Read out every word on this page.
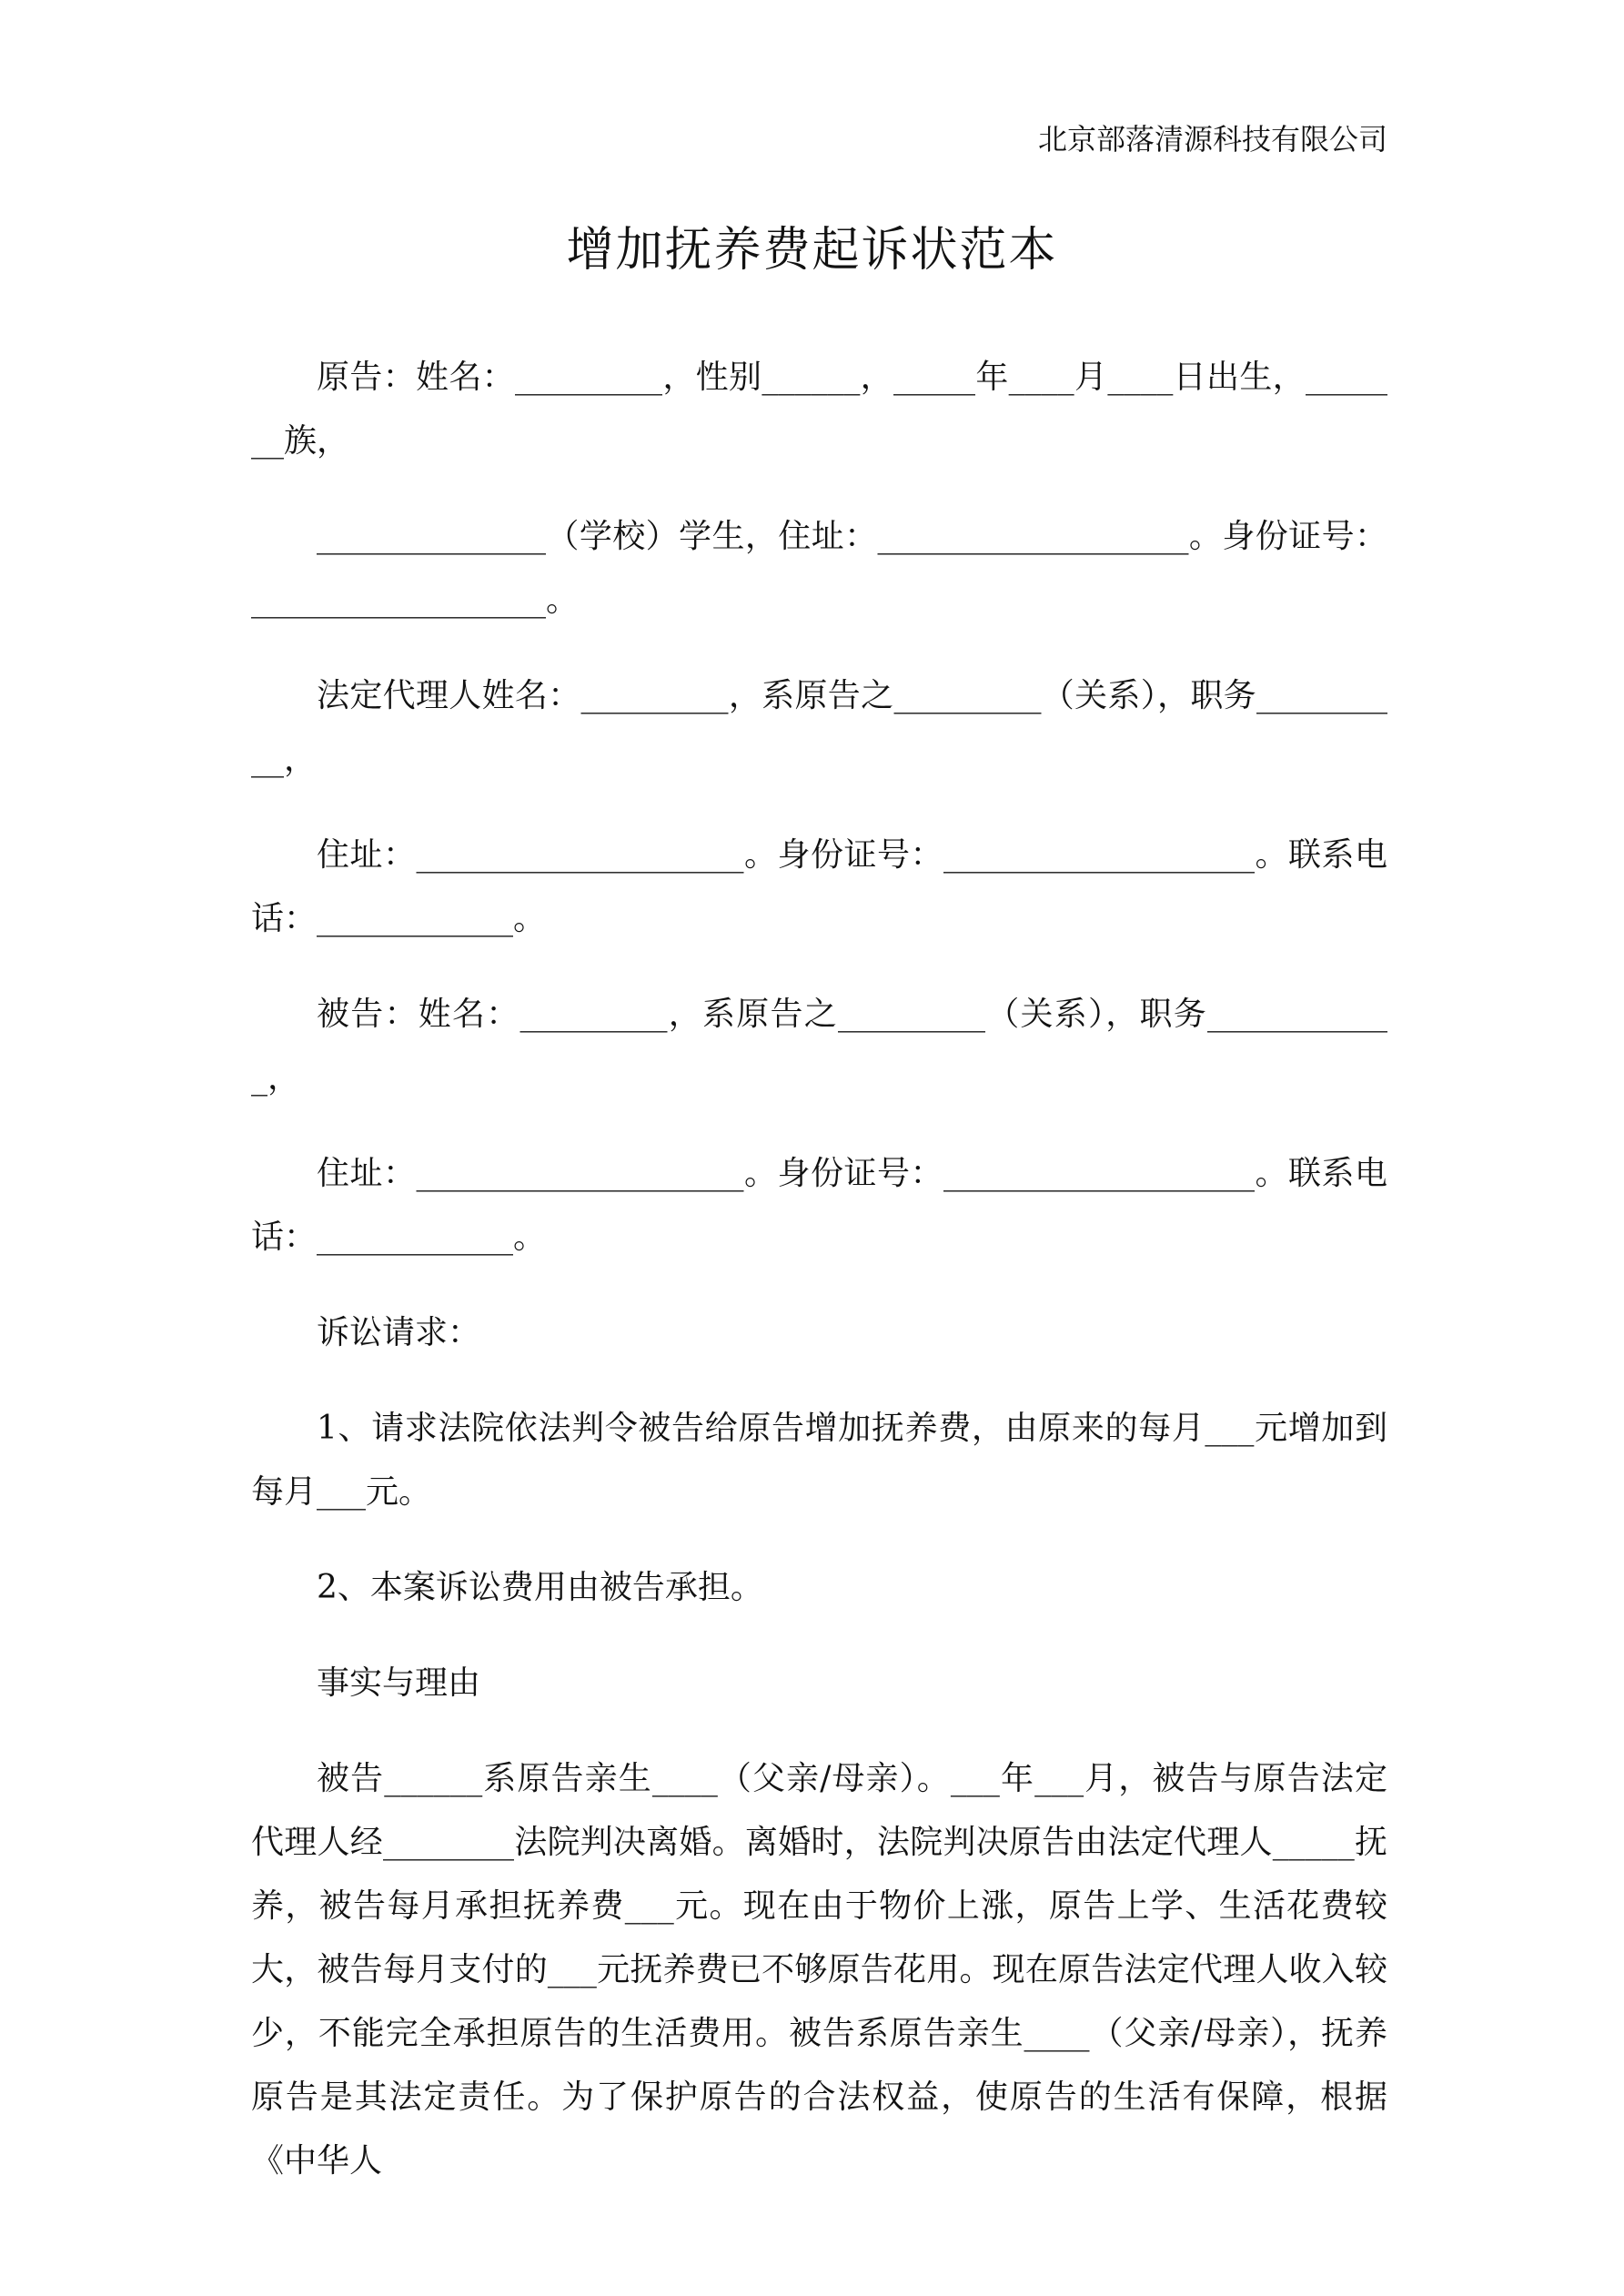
北京部落清源科技有限公司
增加抚养费起诉状范本

原告：姓名：_________，性别______，_____年____月____日出生，_______族，

______________（学校）学生，住址：___________________。身份证号：__________________。

法定代理人姓名：_________，系原告之_________（关系），职务__________，

住址：____________________。身份证号：___________________。联系电话：____________。

被告：姓名：_________，系原告之_________（关系），职务____________，

住址：____________________。身份证号：___________________。联系电话：____________。

诉讼请求：

1、请求法院依法判令被告给原告增加抚养费，由原来的每月___元增加到每月___元。

2、本案诉讼费用由被告承担。

事实与理由

被告______系原告亲生____（父亲/母亲）。___年___月，被告与原告法定代理人经________法院判决离婚。离婚时，法院判决原告由法定代理人_____抚养，被告每月承担抚养费___元。现在由于物价上涨，原告上学、生活花费较大，被告每月支付的___元抚养费已不够原告花用。现在原告法定代理人收入较少，不能完全承担原告的生活费用。被告系原告亲生____（父亲/母亲），抚养原告是其法定责任。为了保护原告的合法权益，使原告的生活有保障，根据《中华人
